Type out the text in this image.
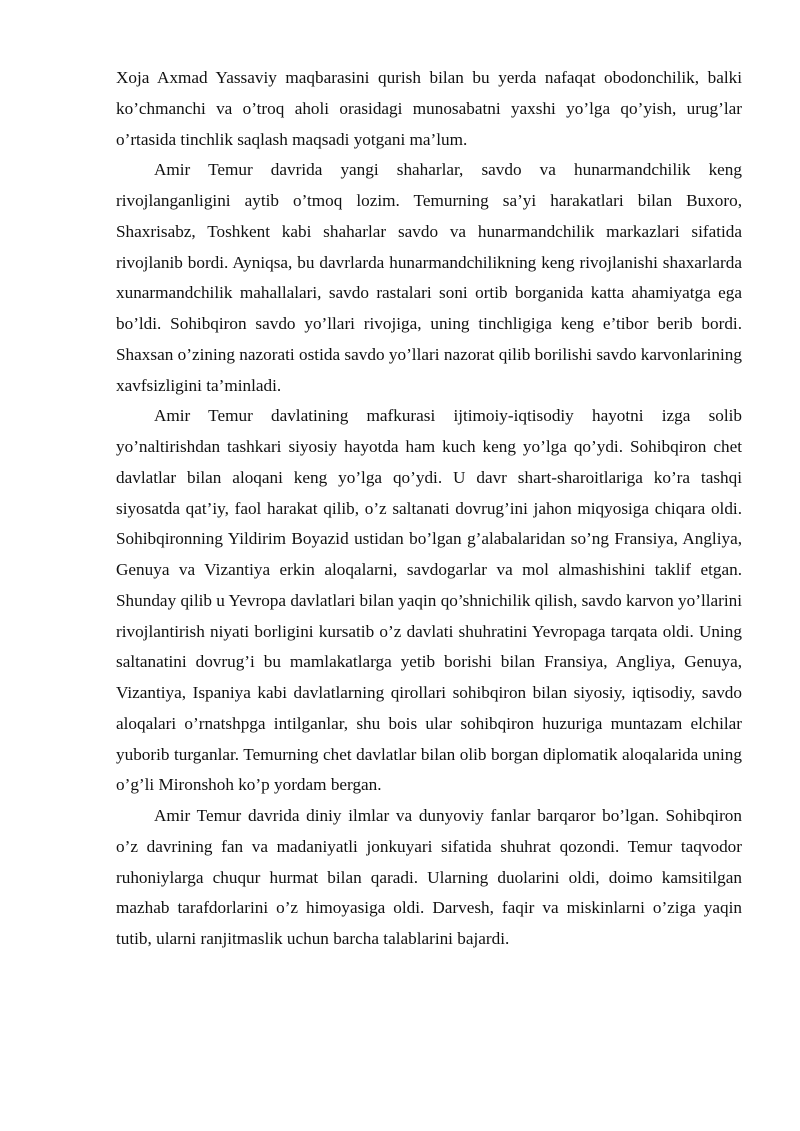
Xoja Axmad Yassaviy maqbarasini qurish bilan bu yerda nafaqat obodonchilik, balki ko’chmanchi va o’troq aholi orasidagi munosabatni yaxshi yo’lga qo’yish, urug’lar o’rtasida tinchlik saqlash maqsadi yotgani ma’lum.

Amir Temur davrida yangi shaharlar, savdo va hunarmandchilik keng rivojlanganligini aytib o’tmoq lozim. Temurning sa’yi harakatlari bilan Buxoro, Shaxrisabz, Toshkent kabi shaharlar savdo va hunarmandchilik markazlari sifatida rivojlanib bordi. Ayniqsa, bu davrlarda hunarmandchilikning keng rivojlanishi shaxarlarda xunarmandchilik mahallalari, savdo rastalari soni ortib borganida katta ahamiyatga ega bo’ldi. Sohibqiron savdo yo’llari rivojiga, uning tinchligiga keng e’tibor berib bordi. Shaxsan o’zining nazorati ostida savdo yo’llari nazorat qilib borilishi savdo karvonlarining xavfsizligini ta’minladi.

Amir Temur davlatining mafkurasi ijtimoiy-iqtisodiy hayotni izga solib yo’naltirishdan tashkari siyosiy hayotda ham kuch keng yo’lga qo’ydi. Sohibqiron chet davlatlar bilan aloqani keng yo’lga qo’ydi. U davr shart-sharoitlariga ko’ra tashqi siyosatda qat’iy, faol harakat qilib, o’z saltanati dovrug’ini jahon miqyosiga chiqara oldi. Sohibqironning Yildirim Boyazid ustidan bo’lgan g’alabalaridan so’ng Fransiya, Angliya, Genuya va Vizantiya erkin aloqalarni, savdogarlar va mol almashishini taklif etgan. Shunday qilib u Yevropa davlatlari bilan yaqin qo’shnichilik qilish, savdo karvon yo’llarini rivojlantirish niyati borligini kursatib o’z davlati shuhratini Yevropaga tarqata oldi. Uning saltanatini dovrug’i bu mamlakatlarga yetib borishi bilan Fransiya, Angliya, Genuya, Vizantiya, Ispaniya kabi davlatlarning qirollari sohibqiron bilan siyosiy, iqtisodiy, savdo aloqalari o’rnatshpga intilganlar, shu bois ular sohibqiron huzuriga muntazam elchilar yuborib turganlar. Temurning chet davlatlar bilan olib borgan diplomatik aloqalarida uning o’g’li Mironshoh ko’p yordam bergan.

Amir Temur davrida diniy ilmlar va dunyoviy fanlar barqaror bo’lgan. Sohibqiron o’z davrining fan va madaniyatli jonkuyari sifatida shuhrat qozondi. Temur taqvodor ruhoniylarga chuqur hurmat bilan qaradi. Ularning duolarini oldi, doimo kamsitilgan mazhab tarafdorlarini o’z himoyasiga oldi. Darvesh, faqir va miskinlarni o’ziga yaqin tutib, ularni ranjitmaslik uchun barcha talablarini bajardi.
